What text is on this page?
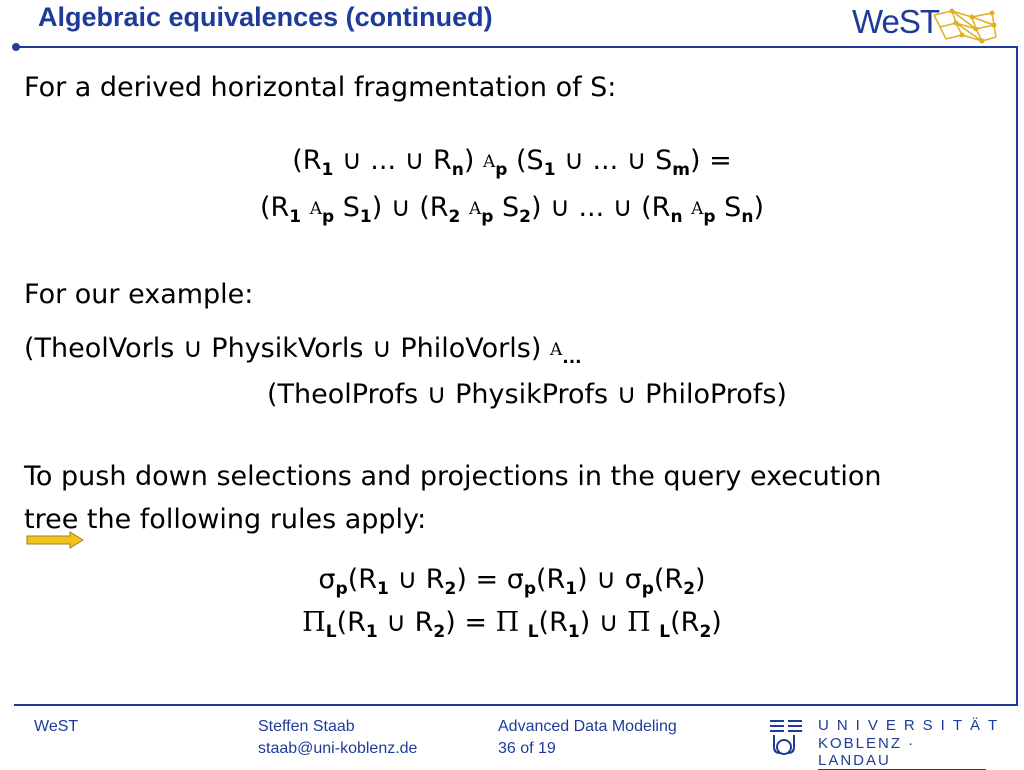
Algebraic equivalences (continued)	WeST
For a derived horizontal fragmentation of S:
($R_1$ ∪ ... ∪ $R_n$) $A_p$ ($S_1$ ∪ ... ∪ $S_m$) =
($R_1$ $A_p$ $S_1$) ∪ ($R_2$ $A_p$ $S_2$) ∪ ... ∪ ($R_n$ $A_p$ $S_n$)
For our example:
(TheolVorls ∪ PhysikVorls ∪ PhiloVorls) $A_{...}$
(TheolProfs ∪ PhysikProfs ∪ PhiloProfs)
To push down selections and projections in the query execution
tree the following rules apply:
$\sigma_p(R_1$ ∪ $R_2) = \sigma_p(R_1)$ ∪ $\sigma_p(R_2)$
$\Pi_L(R_1$ ∪ $R_2) = \Pi$ $_L(R_1)$ ∪ Π $_L(R_2)$
WeST	Steffen Staab
staab@uni-koblenz.de
Advanced Data Modeling
36 of 19
UNIVERSITÄT
KOBLENZ · LANDAU
